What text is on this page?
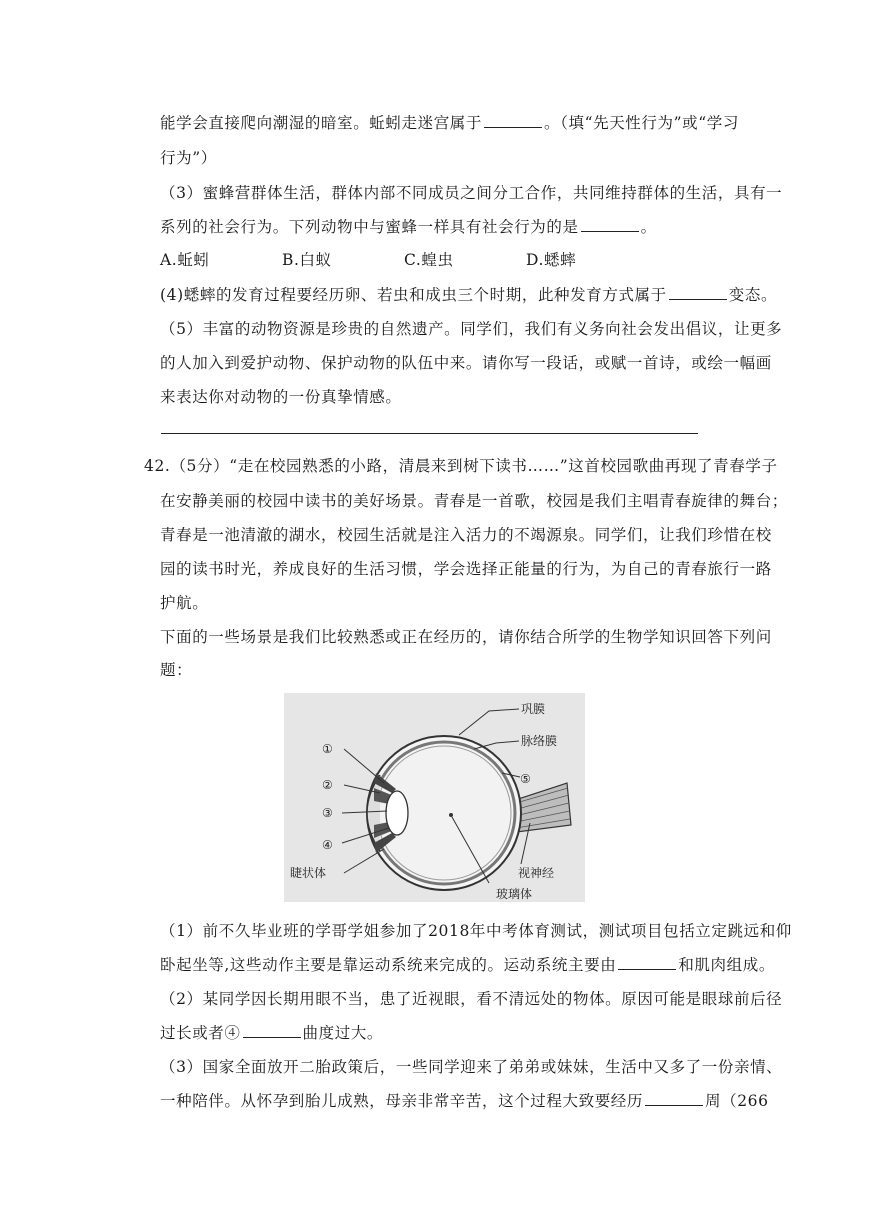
能学会直接爬向潮湿的暗室。蚯蚓走迷宫属于	。（填“先天性行为”或“学习
行为”）
（3）蜜蜂营群体生活，群体内部不同成员之间分工合作，共同维持群体的生活，具有一
系列的社会行为。下列动物中与蜜蜂一样具有社会行为的是	。
A.蚯蚓	B.白蚁	C.蝗虫	D.蟋蟀
(4)蟋蟀的发育过程要经历卵、若虫和成虫三个时期，此种发育方式属于	变态。
（5）丰富的动物资源是珍贵的自然遗产。同学们，我们有义务向社会发出倡议，让更多
的人加入到爱护动物、保护动物的队伍中来。请你写一段话，或赋一首诗，或绘一幅画
来表达你对动物的一份真挚情感。
42.（5分）“走在校园熟悉的小路，清晨来到树下读书……”这首校园歌曲再现了青春学子
在安静美丽的校园中读书的美好场景。青春是一首歌，校园是我们主唱青春旋律的舞台；
青春是一池清澈的湖水，校园生活就是注入活力的不竭源泉。同学们，让我们珍惜在校
园的读书时光，养成良好的生活习惯，学会选择正能量的行为，为自己的青春旅行一路
护航。
下面的一些场景是我们比较熟悉或正在经历的，请你结合所学的生物学知识回答下列问
题：
巩膜
脉络膜
①
②
③
④
⑤
睫状体	视神经
玻璃体
（1）前不久毕业班的学哥学姐参加了2018年中考体育测试，测试项目包括立定跳远和仰
卧起坐等,这些动作主要是靠运动系统来完成的。运动系统主要由	和肌肉组成。
（2）某同学因长期用眼不当，患了近视眼，看不清远处的物体。原因可能是眼球前后径
过长或者④	曲度过大。
（3）国家全面放开二胎政策后，一些同学迎来了弟弟或妹妹，生活中又多了一份亲情、
一种陪伴。从怀孕到胎儿成熟，母亲非常辛苦，这个过程大致要经历	周（266
